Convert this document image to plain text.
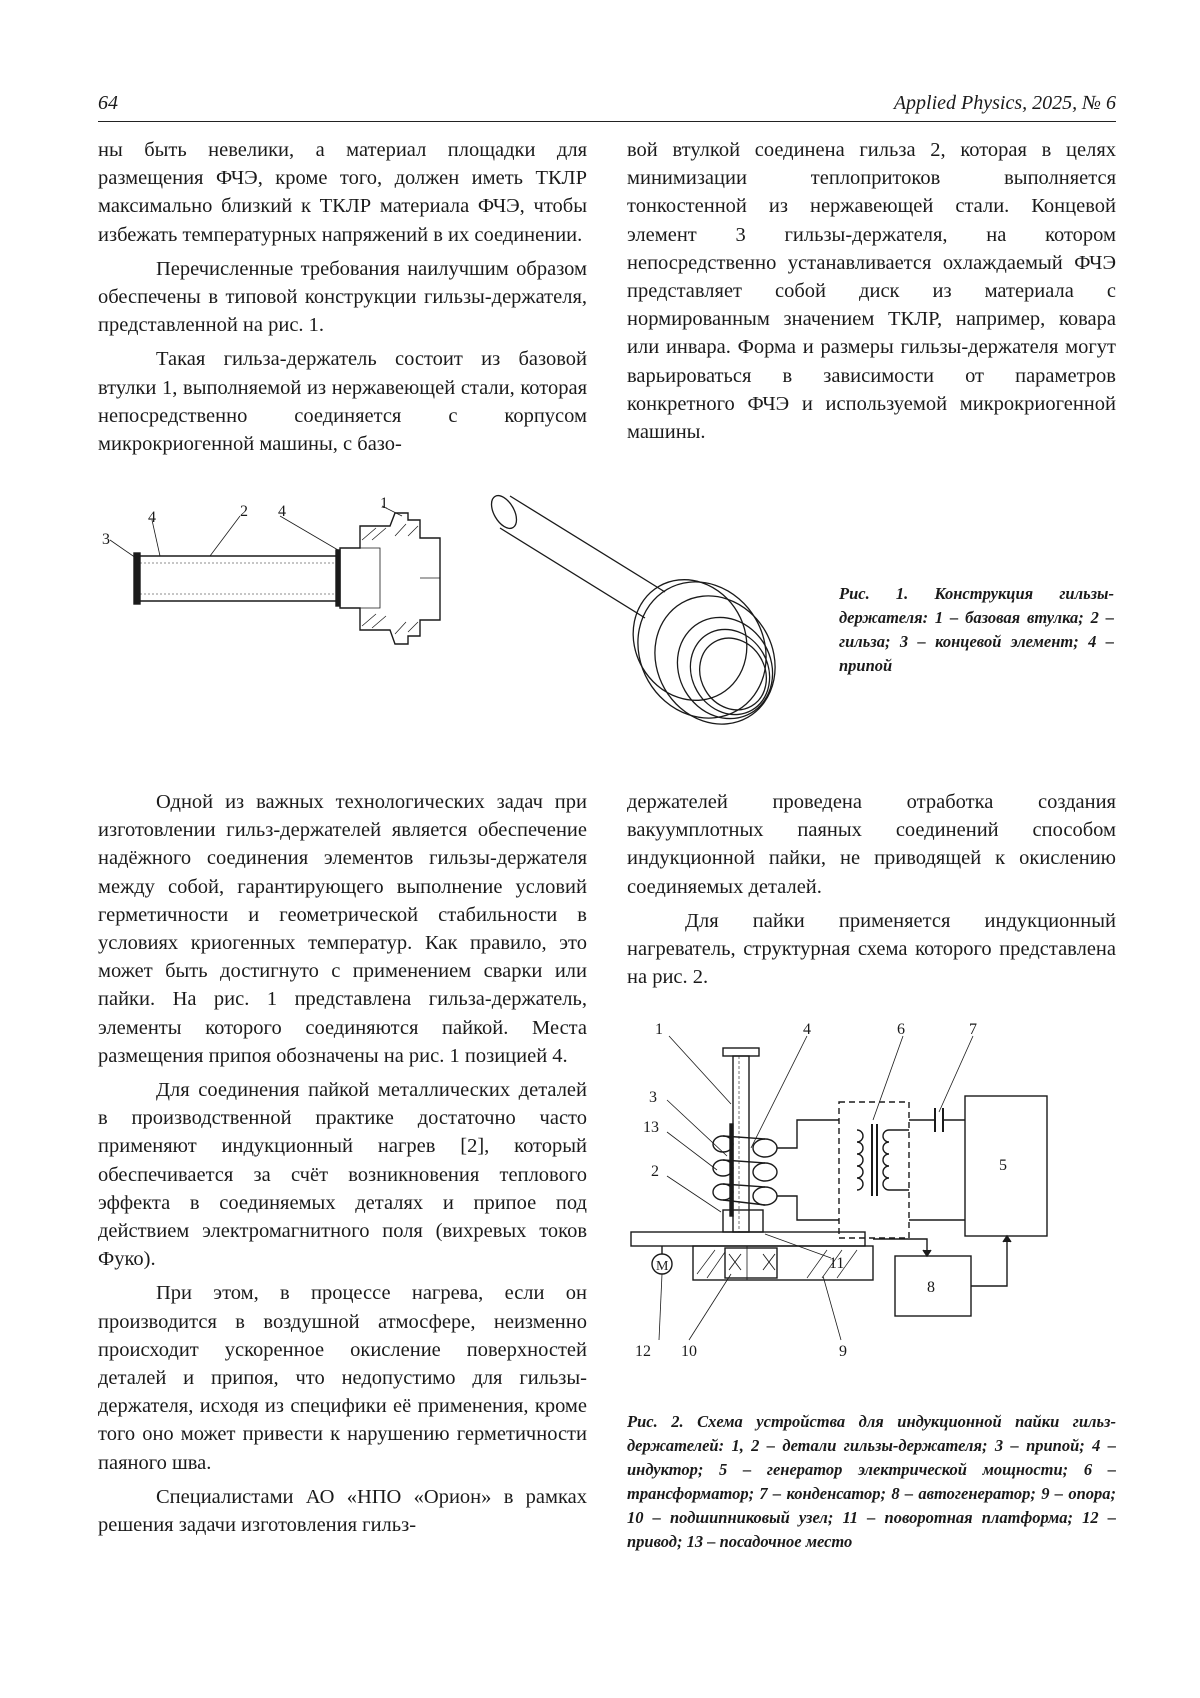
64	Applied Physics, 2025, № 6

ны быть невелики, а материал площадки для размещения ФЧЭ, кроме того, должен иметь ТКЛР максимально близкий к ТКЛР материала ФЧЭ, чтобы избежать температурных напряжений в их соединении.

Перечисленные требования наилучшим образом обеспечены в типовой конструкции гильзы-держателя, представленной на рис. 1.

Такая гильза-держатель состоит из базовой втулки 1, выполняемой из нержавеющей стали, которая непосредственно соединяется с корпусом микрокриогенной машины, с базо-

вой втулкой соединена гильза 2, которая в целях минимизации теплопритоков выполняется тонкостенной из нержавеющей стали. Концевой элемент 3 гильзы-держателя, на котором непосредственно устанавливается охлаждаемый ФЧЭ представляет собой диск из материала с нормированным значением ТКЛР, например, ковара или инвара. Форма и размеры гильзы-держателя могут варьироваться в зависимости от параметров конкретного ФЧЭ и используемой микрокриогенной машины.

3
4	2 4	1
Рис. 1. Конструкция гильзы-держателя: 1 – базовая втулка; 2 – гильза; 3 – концевой элемент; 4 – припой

Одной из важных технологических задач при изготовлении гильз-держателей является обеспечение надёжного соединения элементов гильзы-держателя между собой, гарантирующего выполнение условий герметичности и геометрической стабильности в условиях криогенных температур. Как правило, это может быть достигнуто с применением сварки или пайки. На рис. 1 представлена гильза-держатель, элементы которого соединяются пайкой. Места размещения припоя обозначены на рис. 1 позицией 4.

Для соединения пайкой металлических деталей в производственной практике достаточно часто применяют индукционный нагрев [2], который обеспечивается за счёт возникновения теплового эффекта в соединяемых деталях и припое под действием электромагнитного поля (вихревых токов Фуко).

При этом, в процессе нагрева, если он производится в воздушной атмосфере, неизменно происходит ускоренное окисление поверхностей деталей и припоя, что недопустимо для гильзы-держателя, исходя из специфики её применения, кроме того оно может привести к нарушению герметичности паяного шва.

Специалистами АО «НПО «Орион» в рамках решения задачи изготовления гильз-

держателей проведена отработка создания вакуумплотных паяных соединений способом индукционной пайки, не приводящей к окислению соединяемых деталей.

Для пайки применяется индукционный нагреватель, структурная схема которого представлена на рис. 2.

M
1	4	6	7
3
13
2	5
11
8
12 10	9
Рис. 2. Схема устройства для индукционной пайки гильз-держателей: 1, 2 – детали гильзы-держателя; 3 – припой; 4 – индуктор; 5 – генератор электрической мощности; 6 – трансформатор; 7 – конденсатор; 8 – автогенератор; 9 – опора; 10 – подшипниковый узел; 11 – поворотная платформа; 12 – привод; 13 – посадочное место
